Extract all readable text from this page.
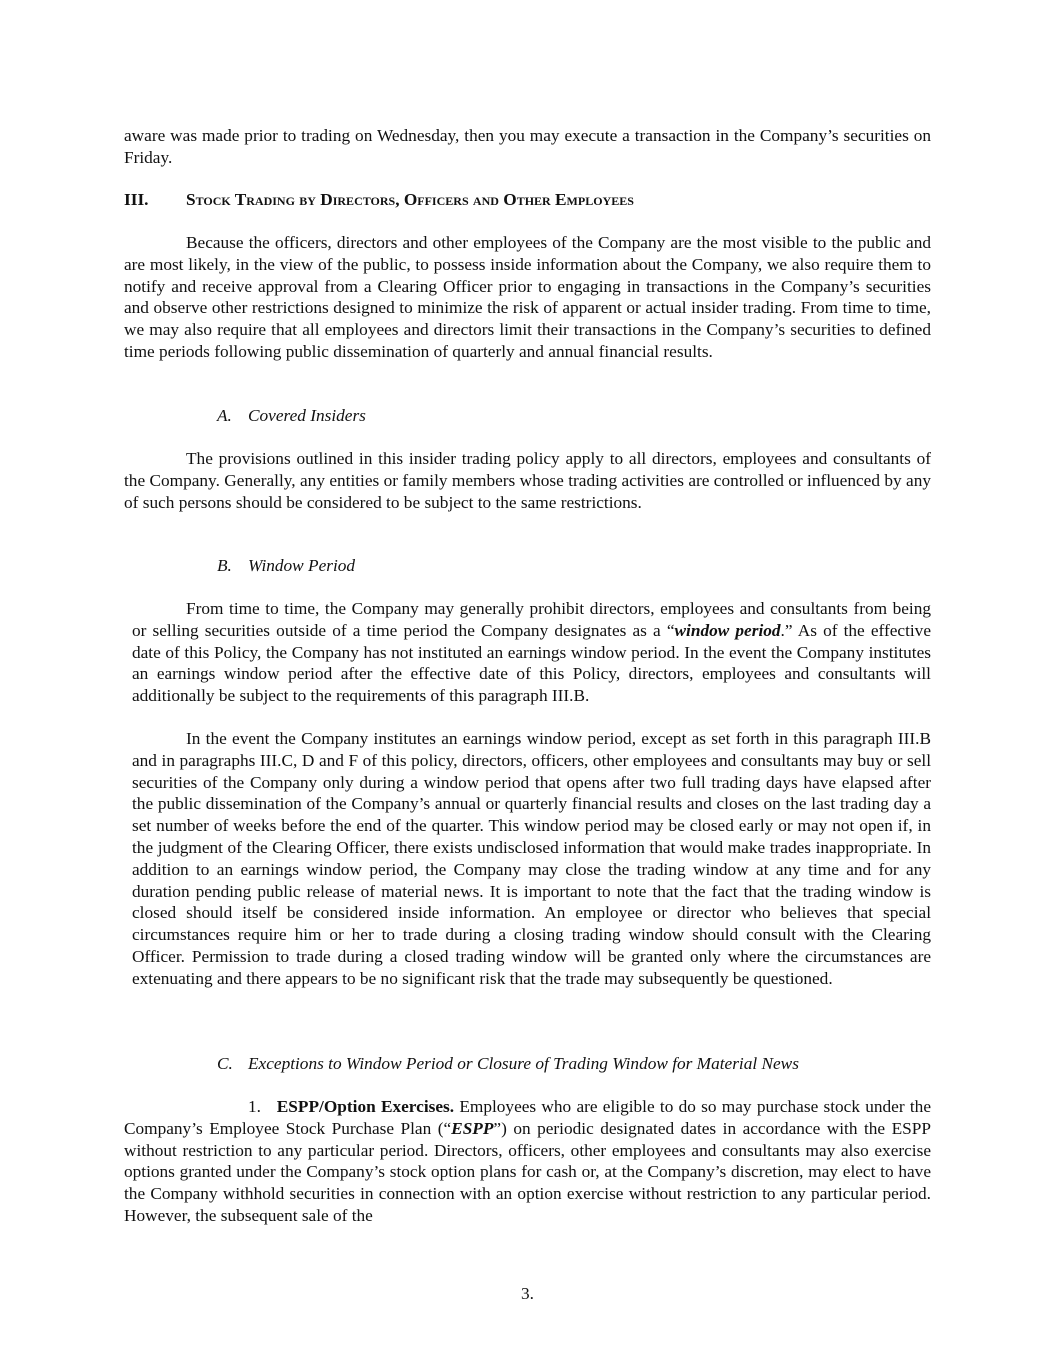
aware was made prior to trading on Wednesday, then you may execute a transaction in the Company’s securities on Friday.

III. Stock Trading by Directors, Officers and Other Employees

Because the officers, directors and other employees of the Company are the most visible to the public and are most likely, in the view of the public, to possess inside information about the Company, we also require them to notify and receive approval from a Clearing Officer prior to engaging in transactions in the Company’s securities and observe other restrictions designed to minimize the risk of apparent or actual insider trading. From time to time, we may also require that all employees and directors limit their transactions in the Company’s securities to defined time periods following public dissemination of quarterly and annual financial results.

A. Covered Insiders

The provisions outlined in this insider trading policy apply to all directors, employees and consultants of the Company. Generally, any entities or family members whose trading activities are controlled or influenced by any of such persons should be considered to be subject to the same restrictions.

B. Window Period

From time to time, the Company may generally prohibit directors, employees and consultants from being or selling securities outside of a time period the Company designates as a “window period.” As of the effective date of this Policy, the Company has not instituted an earnings window period. In the event the Company institutes an earnings window period after the effective date of this Policy, directors, employees and consultants will additionally be subject to the requirements of this paragraph III.B.

In the event the Company institutes an earnings window period, except as set forth in this paragraph III.B and in paragraphs III.C, D and F of this policy, directors, officers, other employees and consultants may buy or sell securities of the Company only during a window period that opens after two full trading days have elapsed after the public dissemination of the Company’s annual or quarterly financial results and closes on the last trading day a set number of weeks before the end of the quarter. This window period may be closed early or may not open if, in the judgment of the Clearing Officer, there exists undisclosed information that would make trades inappropriate. In addition to an earnings window period, the Company may close the trading window at any time and for any duration pending public release of material news. It is important to note that the fact that the trading window is closed should itself be considered inside information. An employee or director who believes that special circumstances require him or her to trade during a closing trading window should consult with the Clearing Officer. Permission to trade during a closed trading window will be granted only where the circumstances are extenuating and there appears to be no significant risk that the trade may subsequently be questioned.

C. Exceptions to Window Period or Closure of Trading Window for Material News

1. ESPP/Option Exercises. Employees who are eligible to do so may purchase stock under the Company’s Employee Stock Purchase Plan (“ESPP”) on periodic designated dates in accordance with the ESPP without restriction to any particular period. Directors, officers, other employees and consultants may also exercise options granted under the Company’s stock option plans for cash or, at the Company’s discretion, may elect to have the Company withhold securities in connection with an option exercise without restriction to any particular period. However, the subsequent sale of the

3.
